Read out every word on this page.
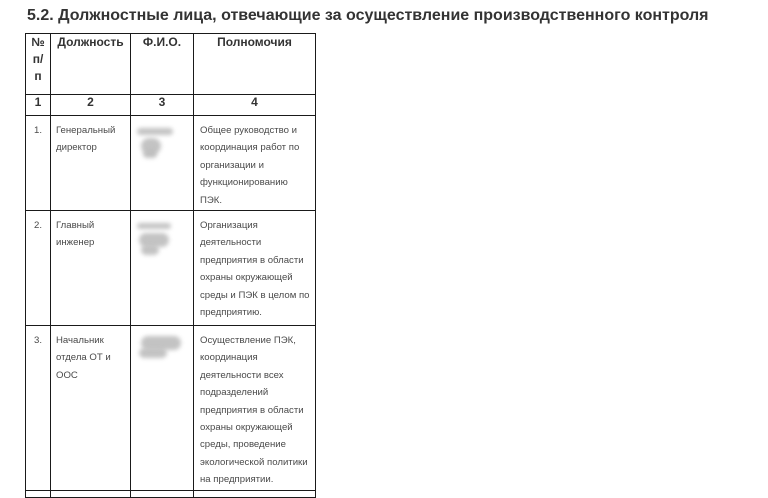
5.2. Должностные лица, отвечающие за осуществление производственного контроля
№ п/ п	Должность	Ф.И.О.	Полномочия
1	2	3	4
1.	Генеральный директор		Общее руководство и координация работ по организации и функционированию ПЭК.
2.	Главный инженер		Организация деятельности предприятия в области охраны окружающей среды и ПЭК в целом по предприятию.
3.	Начальник отдела ОТ и ООС		Осуществление ПЭК, координация деятельности всех подразделений предприятия в области охраны окружающей среды, проведение экологической политики на предприятии.
